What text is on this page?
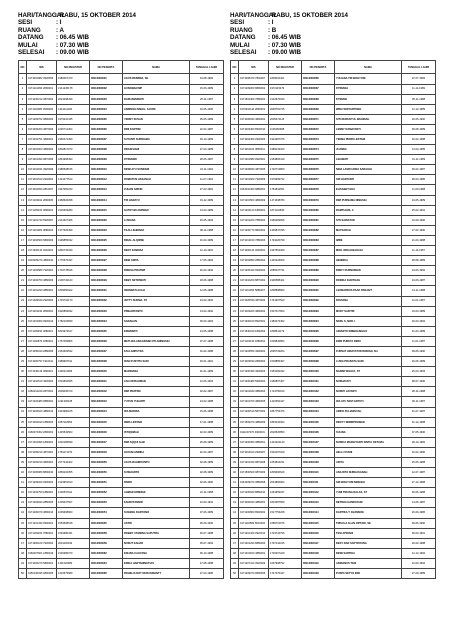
HARI/TANGGAL
: RABU, 15 OKTOBER 2014
SESI	: I
RUANG	: A
DATANG	: 06.45 WIB
MULAI	: 07.30 WIB
SELESAI	: 09.00 WIB
NO	NIS	NO REGISTER	NO PESERTA	NAMA	TANGGAL LAHIR
1	0171001982 3530056	1980067470	06113000001	AGUS RENDRA, SE	19-08-1982
2	0171141090 2890001	2141245178	06113000002	GUNAWAN MP	15-06-1989
3	0171030212 3870002	2024498439	06113000003	DARLISMAWATI	25-11-1987
4	0171140080 3900006	1341011196	06113000004	ANNISOH ISMAIL, S.KOM	19-05-1990
5	0171209762 0890003	1979210435	06113000005	YENNY SUSAN	05-05-1989
6	0171006200 4870003	1630714404	06113000006	RINI KARTINI	22-04-1987
7	0171004751 4890001	1966472490	06113000007	SUYANTI SURIDAMA	03-10-1989
8	0171001003 4890002	1802817973	06113000008	DRASFHANI	27-04-1989
9	0171001390 0870006	1891968493	06113000009	FITRIANDI	28-05-1987
10	0171201631 3920009	1986528156	06113000010	DEWI AYU SUNDARI	24-11-1992
11	0171001510 2940004	1421477514	06113000012	OSWATUN HASANAH	11-07-1994
12	0171001690 2810007	1947081233	06113000013	ZUHAN ARIFIN	27-03-1981
13	0171103941 2890005	1968626298	06113000014	TRI HARAYU	04-12-1989
14	0171105100 4890002	2126603280	06113000015	GATOT BUJARWAN	13-04-1989
15	0171401740 5930007	2131627466	06113000020	LUSIANA	20-05-1993
16	0171101081 3880002	1377626499	06113000023	TEJA LEHMANA	08-11-1988
17	0171002560 5890003	1999855032	06113000025	RIDAL ALQIRSE	16-03-1989
18	0171300110 4910002	1860733340	06113000026	DEDY FANDIAZ	12-10-1991
19	0216005270 4890010	1776676437	06113000027	DEBI ANITA	17-06-1984
20	0171203580 7920001	1704778916	06113000028	RISKSA PRATIWI	26-03-1992
21	0171002760 4880003	2106742123	06113000029	DEBY SETIOWATI	18-06-1988
22	0171001290 3880001	1809050022	06113000031	ISMAWATI AULIA	12-05-1988
23	0171209640 2920002	1703716170	06113000032	JETTY SUKMA, ST	24-02-1992
24	0171001190 2890002	1926869932	06113000033	PRIHARTANTO	13-04-1992
25	0171401960 0930014	1782102839	06113000034	SARAHAN	06-03-1993
26	0171105450 4880001	1824974617	06113000035	ERNAWATI	24-05-1988
27	0171140870 1880001	1757469806	06113000036	METLIDA ANGGRAINI NYLANINGSIH	07-07-1988
28	0171050010 2880006	2154303532	06113000037	FAULANPUTRA	01-02-1988
29	0171000797 1910011	1989997611	06113000038	IDAN FUSTITA SARI	30-01-1991
30	0171040119 4890001	1392211966	06113000040	MARDIANA	01-01-1989
31	0171210510 4930002	1519662665	06113000041	LISA NURAHMAN	10-06-1993
32	0160214240 2870001	2009036723	06113000042	DWI PRATIWI	02-02-1987
33	0171203480 0880001	1191336245	06113000043	YUYUN YUHARTI	24-02-1988
34	0171006620 4880012	1934960105	06113000044	IDA MARIDA	15-06-1988
35	0171002910 1880003	1687118954	06113000045	IRMA LESTARI	17-01-1988
36	0160074302 2890001	1445543563	06113000046	ISTIQOMAH	02-03-1989
37	0171301990 1890001	1632186699	06113000047	DWI AQQUI ALBI	26-08-1989
38	0171005210 4870001	1781171070	06113000049	HAYANI ANDIKA	22-04-1987
39	0171003210 3890001	2177244422	06113000050	AGUS RAHMIYANTO	02-08-1989
40	0171005080 8890010	1866232355	06113000050	SUSHIANTO	02-08-1989
41	0171209020 0900002	2123951913	06113000051	PARDI	02-06-1990
42	0171403750 1880001	1200537911	06113000052	AHMAD ERMIDHI	22-11-1988
43	0171203930 2880005	1209437507	06113000053	FAHRUTAMSIR	10-03-1991
44	0171200070 4890013	1609608963	06113000054	SUGENG DARYONO	07-06-1989
45	0171201430 0900001	1553508618	06113000055	ASTRI	05-09-1990
46	0171109200 7880002	1549986431	06113000058	ROBBY YASMINA SAPUTRA	30-07-1988
47	0171900100 7930004	2001130032	06113000059	NUNUT KAHAR	05-07-1993
48	0160007601 1880019	2130386370	06113000062	ERLINA CAHYANA	06-10-1988
49	0171006270 6890001	1411620980	06113000064	ERIKA HARTANINGTIAS	27-08-1988
50	0150136035 0890005	1423579689	06113000066	ROHELIA DOT NURASRIANTY	27-04-1986
HARI/TANGGAL
: RABU, 15 OKTOBER 2014
SESI	: I
RUANG	: B
DATANG	: 06.45 WIB
MULAI	: 07.30 WIB
SELESAI	: 09.00 WIB
NO	NIS	NO REGISTER	NO PESERTA	NAMA	TANGGAL LAHIR
1	0171008470 7840007	1809016421	06113000066	YULIANA TRI WAHYUNI	07-07-1984
2	0171209060 8890002	1972115479	06113000067	FITRIANA	11-11-1989
3	0171502460 7880002	2122576040	06113000068	FITRIANI	05-11-1988
4	0170910110 2890003	2048781745	06113000069	WIRA WIDYARTONO	12-12-1989
5	0171006930 4890002	2005474115	06113000071	SITI NURFAITUL WAHIDAH	20-05-1990
6	0171003460 8900010	1106260968	06113000072	LENNY DAMAYANTI	06-08-1989
7	0171004460 2900006	1901987376	06113000073	YENNA PERRI LESTARI	02-02-1988
8	0171061100 3850001	1989143320	06113000074	JUANDA	13-03-1985
9	0171301580 0920001	2163806419	06113000075	LIHAWATI	01-11-1989
10	0171209840 4870005	1720713860	06113000076	NINA LASRI HONA SARAGIH	06-02-1987
11	0171301600 7900009	1976999732	06113000077	SRI HARYANTI	28-03-1986
12	0161010460 9880001	1781842651	06113000078	ELISABET EKA	11-09-1988
13	0171201500 4890009	1471638780	06113000079	DWI PURNAMA NINGSIH	24-05-1989
14	0171202120 1890001	1871142830	06113000080	RAMTIAHIS, A	25-02-1991
15	0171201200 7880002	1966483656	06113000081	SITI SARIATUN	10-09-1990
16	0171200770 9840002	1349847335	06113000082	MAYSARAH	27-02-1990
17	0171013150 7880006	1791026799	06113000083	IMRE	21-03-1988
18	0171000110 4900002	1997564369	06113000087	MOH. RIDAH BAHAGI	11-11-1987
19	0171004890 2880002	1446218009	06113000088	HENNIKA	28-08-1989
20	0171205440 0900002	2085437731	06113000089	RISKY KURNIAWAN	24-06-1992
21	0171310200 8870002	1990588421	06113000090	RODIKA KHOTIJAH	24-06-1987
22	0171101350 5880007	1838898800	06113000091	LEONARDUS PAAK PANJAIT	13-11-1988
23	0171020530 4870002	1741607520	06113000092	ROVIANA	11-01-1987
24	0171003200 4890002	1537417824	06113000093	MUDY SAFITRI	19-03-1989
25	0171300160 8920001	1383473452	06113000094	NORL S, NOR. I	20-03-1992
26	0171530010 1890002	1838541179	06113000095	ARIANTO SIMBOLINGGO	31-03-1989
27	0171103130 1880004	1639842864	06113000096	EDDI PURIIYA DEWI	11-01-1987
28	0171203550 4900002	2095733264	06113000097	FURSAT HIDAYATUR RIZMAN, SH	09-06-1990
29	0171003630 2890002	1603855497	06113000098	LUSIA PRANATA SARI	26-06-1989
30	0171300490 4930003	1953182332	06113000100	NADINI WIJAYA, ST	25-03-1993
31	0171300480 5900004	2166807467	06113000101	NURHAYATI	08-07-1990
32	0171201640 3880004	1724750160	06113000102	NURNY JAYANTI	28-11-1988
33	0171201700 4890005	1416352447	06113000103	IDA AYU NOVI ANTUTI	06-11-1987
34	0171200510 5870001	1867753476	06113000104	ARIFO ZULIANSYAH	31-07-1987
35	0171509370 4880009	1845234364	06113000105	DEDYY WIDIRPRAWAR	01-12-1988
36	0111207470 4900001	2026526850	06113000106	SULINA	07-05-1990
37	0171200050 3880001	1401322140	06113000107	NURICA MARGIYANTI SINTIA OKTAVIA	28-10-1982
38	0171004910 2900007	1516197229	06113000108	HELLI UTAMI	22-02-1990
39	0171201340 0870008	1654816231	06113000109	ARIYA	25-06-1988
40	0171500520 0870003	1809366629	06113000110	ANA RITA NURHASANAH	12-07-1987
41	0161009070 3880008	2043866964	06113000111	SRI WAHYUNI NINGSIH	27-12-1988
42	0171200620 8880010	1291659037	06113000112	YUNI TRIANA DALAS, ST	06-06-1988
43	0171006040 4880001	1810687569	06113000113	RETDHA HANDAYANI	14-06-1987
44	0171200860 8900002	1517753228	06113000114	KARTIKA T. DJAMSOE	26-09-1986
45	0171102580 8910006	1689701976	06113000115	TRISULA ALAN CIPTADI, SE	09-06-1990
46	0171201420 0920012	1723734796	06113000116	TESI APRIANI	06-03-1991
47	0171401290 8880002	1797144015	06113000117	DESY DAR SAPTRIYANA	20-02-1988
48	0171401810 4880001	1726207229	06113000118	DEWI SARTIKA	12-12-1992
49	0171207410 3920009	1697998792	06113000119	ADRIANUS TADI	10-03-1992
50	0171209070 9890005	1747376447	06113000120	PUSPA SETYO EINI	27-09-1989
